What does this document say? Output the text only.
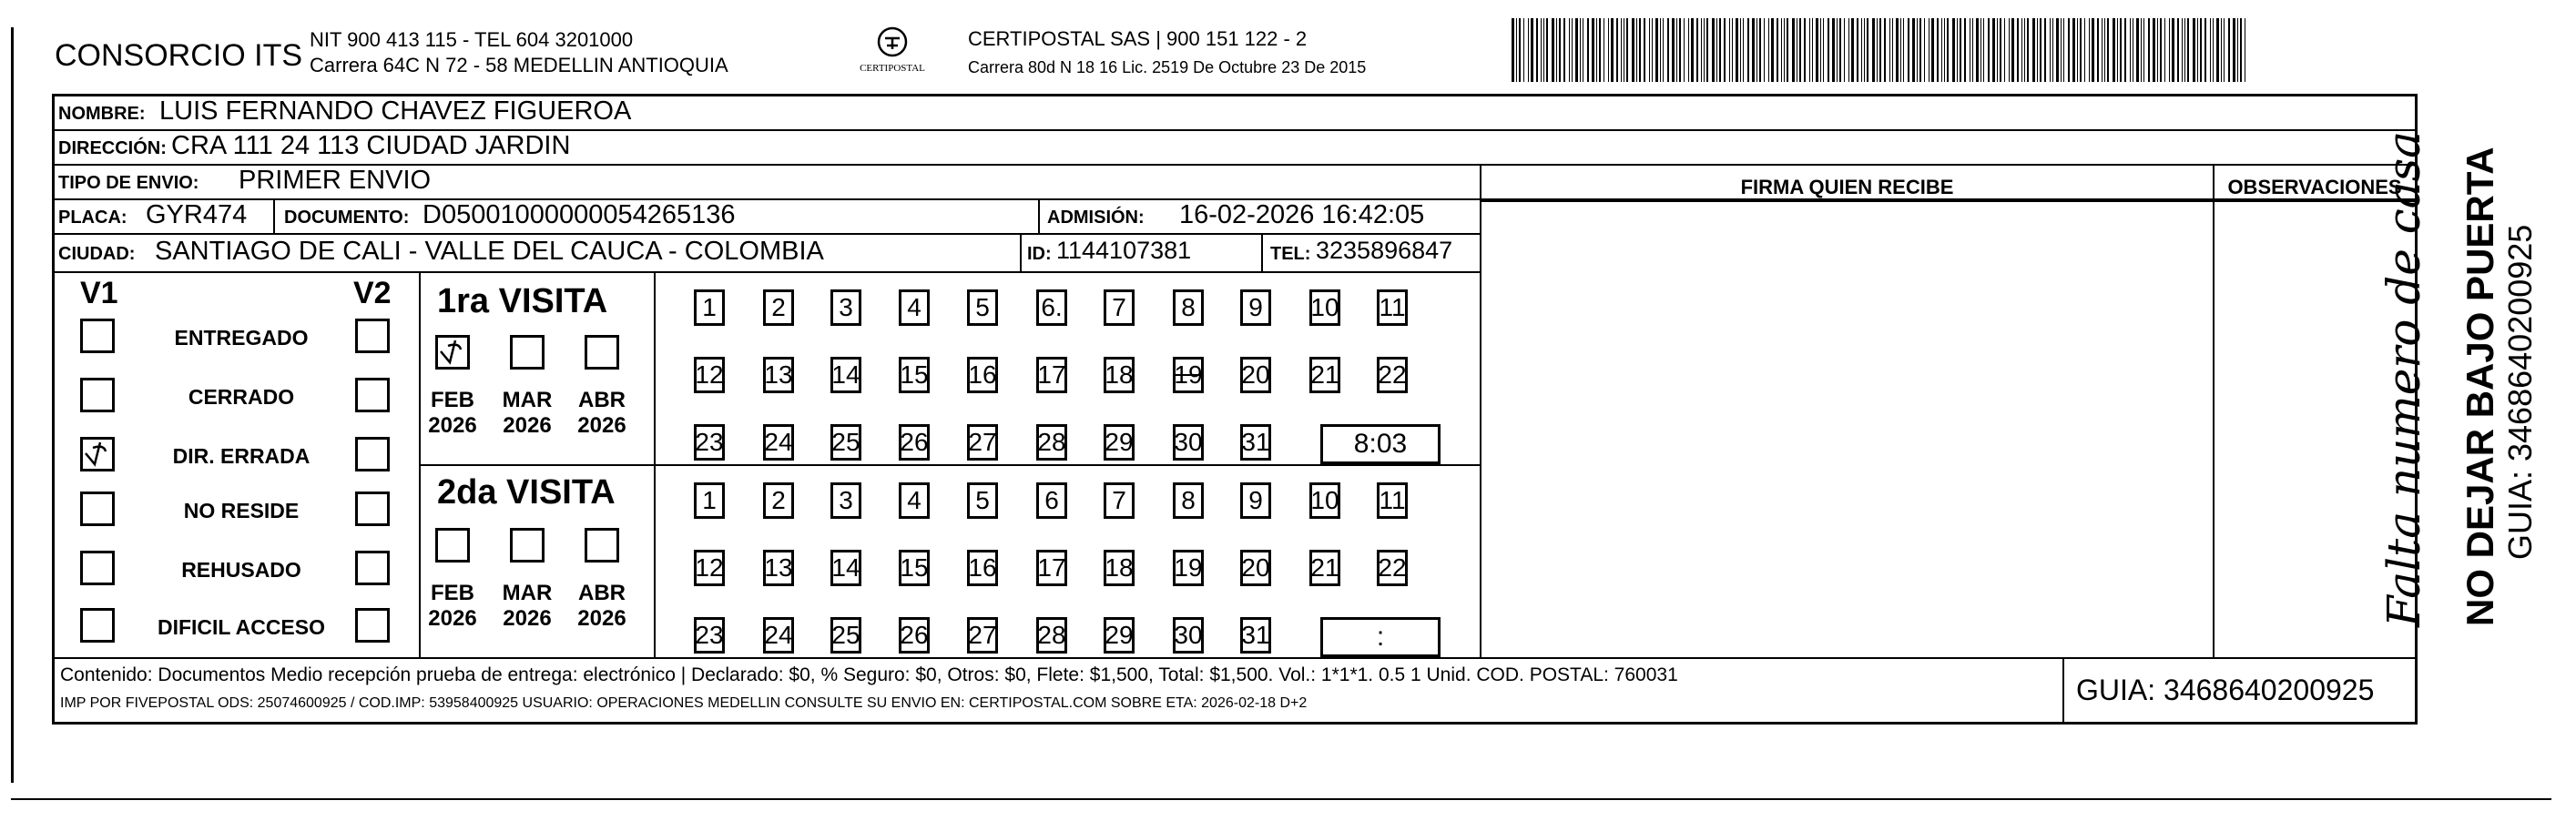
CONSORCIO ITS NIT 900 413 115 - TEL 604 3201000
Carrera 64C N 72 - 58 MEDELLIN ANTIOQUIA	CERTIPOSTAL
CERTIPOSTAL SAS | 900 151 122 - 2
Carrera 80d N 18 16 Lic. 2519 De Octubre 23 De 2015
NOMBRE: LUIS FERNANDO CHAVEZ FIGUEROA
DIRECCIÓN: CRA 111 24 113 CIUDAD JARDIN
TIPO DE ENVIO: PRIMER ENVIO
PLACA: GYR474 DOCUMENTO: D05001000000054265136	ADMISIÓN: 16-02-2026 16:42:05
CIUDAD: SANTIAGO DE CALI - VALLE DEL CAUCA - COLOMBIA	ID: 1144107381	TEL: 3235896847
FIRMA QUIEN RECIBE	OBSERVACIONES
Falta numero de casa
V1	V2
ENTREGADO
CERRADO
DIR. ERRADA
NO RESIDE
REHUSADO
DIFICIL ACCESO
1ra VISITA
2da VISITA
FEB
2026
MAR
2026
ABR
2026
1	2	3	4	5	6.	7	8	9	10 11
12 13 14 15 16 17 18 19 20 21 22
23 24 25 26 27 28 29 30 31	8:03
FEB
2026
MAR
2026
ABR
2026
1	2	3	4	5	6	7	8	9	10 11
12 13 14 15 16 17 18 19 20 21 22
23 24 25 26 27 28 29 30 31	:
Contenido: Documentos Medio recepción prueba de entrega: electrónico | Declarado: $0, % Seguro: $0, Otros: $0, Flete: $1,500, Total: $1,500. Vol.: 1*1*1. 0.5 1 Unid. COD. POSTAL: 760031
IMP POR FIVEPOSTAL ODS: 25074600925 / COD.IMP: 53958400925 USUARIO: OPERACIONES MEDELLIN CONSULTE SU ENVIO EN: CERTIPOSTAL.COM SOBRE ETA: 2026-02-18 D+2	GUIA: 3468640200925
NO DEJAR BAJO PUERTA GUIA: 3468640200925
